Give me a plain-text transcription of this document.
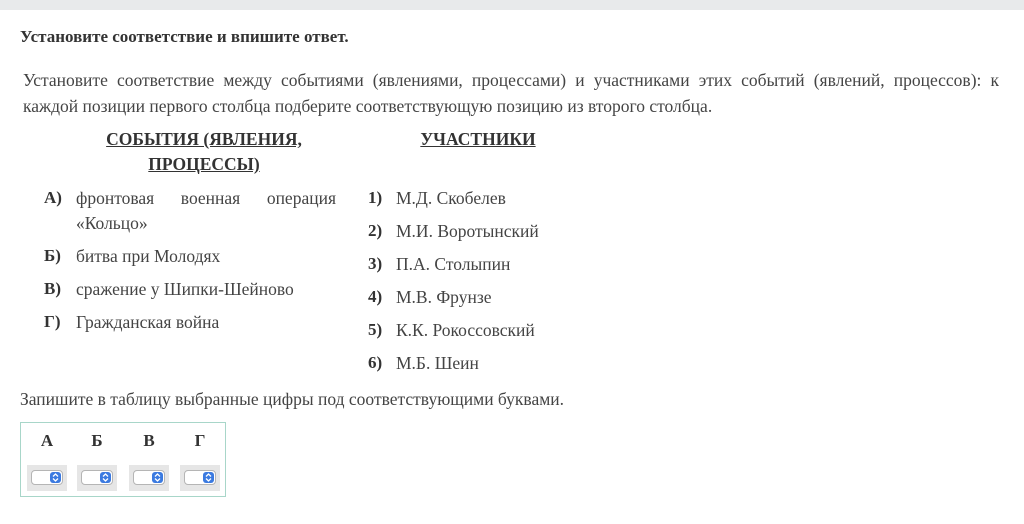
Установите соответствие и впишите ответ.
Установите соответствие между событиями (явлениями, процессами) и участниками этих событий (явлений, процессов): к каждой позиции первого столбца подберите соответствующую позицию из второго столбца.
СОБЫТИЯ (ЯВЛЕНИЯ, ПРОЦЕССЫ)
УЧАСТНИКИ
А) фронтовая военная операция «Кольцо»
Б) битва при Молодях
В) сражение у Шипки-Шейново
Г) Гражданская война
1) М.Д. Скобелев
2) М.И. Воротынский
3) П.А. Столыпин
4) М.В. Фрунзе
5) К.К. Рокоссовский
6) М.Б. Шеин
Запишите в таблицу выбранные цифры под соответствующими буквами.
А	Б	В	Г
